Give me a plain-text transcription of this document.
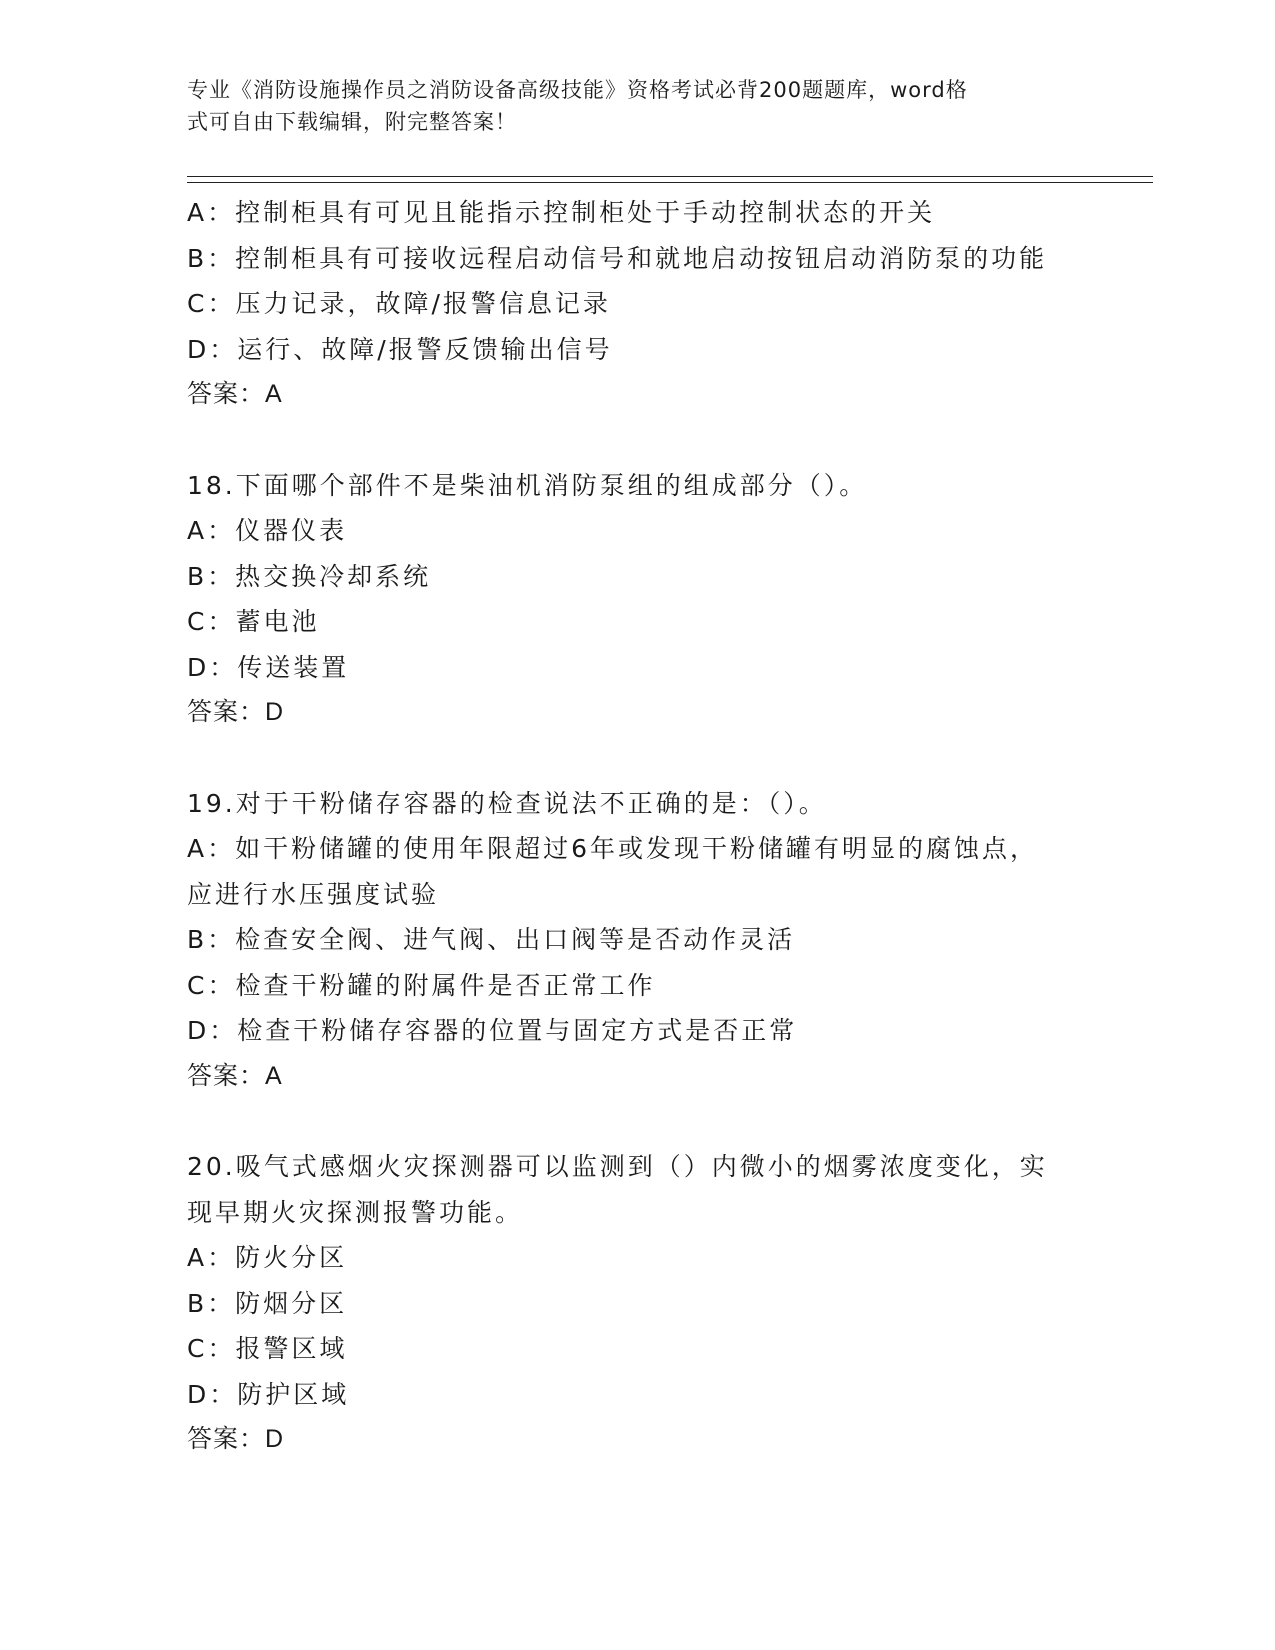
专业《消防设施操作员之消防设备高级技能》资格考试必背200题题库，word格
式可自由下载编辑，附完整答案！
A：控制柜具有可见且能指示控制柜处于手动控制状态的开关
B：控制柜具有可接收远程启动信号和就地启动按钮启动消防泵的功能
C：压力记录，故障/报警信息记录
D：运行、故障/报警反馈输出信号
答案：A
18.下面哪个部件不是柴油机消防泵组的组成部分（）。
A：仪器仪表
B：热交换冷却系统
C：蓄电池
D：传送装置
答案：D
19.对于干粉储存容器的检查说法不正确的是：（）。
A：如干粉储罐的使用年限超过6年或发现干粉储罐有明显的腐蚀点，
应进行水压强度试验
B：检查安全阀、进气阀、出口阀等是否动作灵活
C：检查干粉罐的附属件是否正常工作
D：检查干粉储存容器的位置与固定方式是否正常
答案：A
20.吸气式感烟火灾探测器可以监测到（）内微小的烟雾浓度变化，实
现早期火灾探测报警功能。
A：防火分区
B：防烟分区
C：报警区域
D：防护区域
答案：D
